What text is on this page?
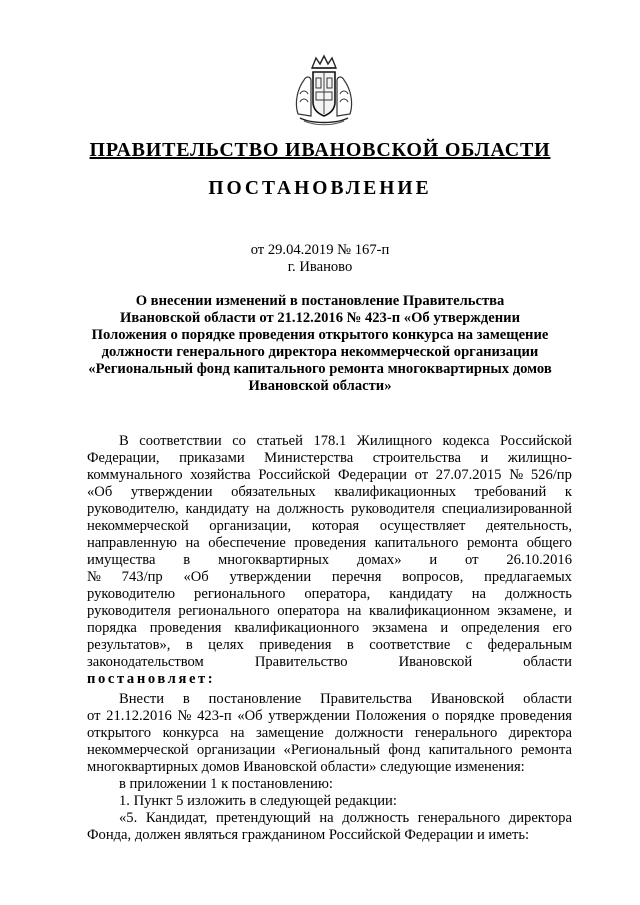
ПРАВИТЕЛЬСТВО ИВАНОВСКОЙ ОБЛАСТИ
ПОСТАНОВЛЕНИЕ
от 29.04.2019 № 167-п
г. Иваново
О внесении изменений в постановление Правительства
Ивановской области от 21.12.2016 № 423-п «Об утверждении
Положения о порядке проведения открытого конкурса на замещение
должности генерального директора некоммерческой организации
«Региональный фонд капитального ремонта многоквартирных домов
Ивановской области»
постановляет:
многоквартирных домов Ивановской области» следующие изменения:
в приложении 1 к постановлению:
1. Пункт 5 изложить в следующей редакции:
Фонда, должен являться гражданином Российской Федерации и иметь:
В соответствии со статьей 178.1 Жилищного кодекса Российской
Федерации, приказами Министерства строительства и жилищно-
коммунального хозяйства Российской Федерации от 27.07.2015 № 526/пр
«Об утверждении обязательных квалификационных требований к
руководителю, кандидату на должность руководителя специализированной
некоммерческой организации, которая осуществляет деятельность,
направленную на обеспечение проведения капитального ремонта общего
имущества в многоквартирных домах» и от 26.10.2016
№ 743/пр «Об утверждении перечня вопросов, предлагаемых
руководителю регионального оператора, кандидату на должность
руководителя регионального оператора на квалификационном экзамене, и
порядка проведения квалификационного экзамена и определения его
результатов», в целях приведения в соответствие с федеральным
законодательством	Правительство	Ивановской	области
Внести в постановление Правительства Ивановской области
от 21.12.2016 № 423-п «Об утверждении Положения о порядке проведения
открытого конкурса на замещение должности генерального директора
некоммерческой организации «Региональный фонд капитального ремонта
«5. Кандидат, претендующий на должность генерального директора
